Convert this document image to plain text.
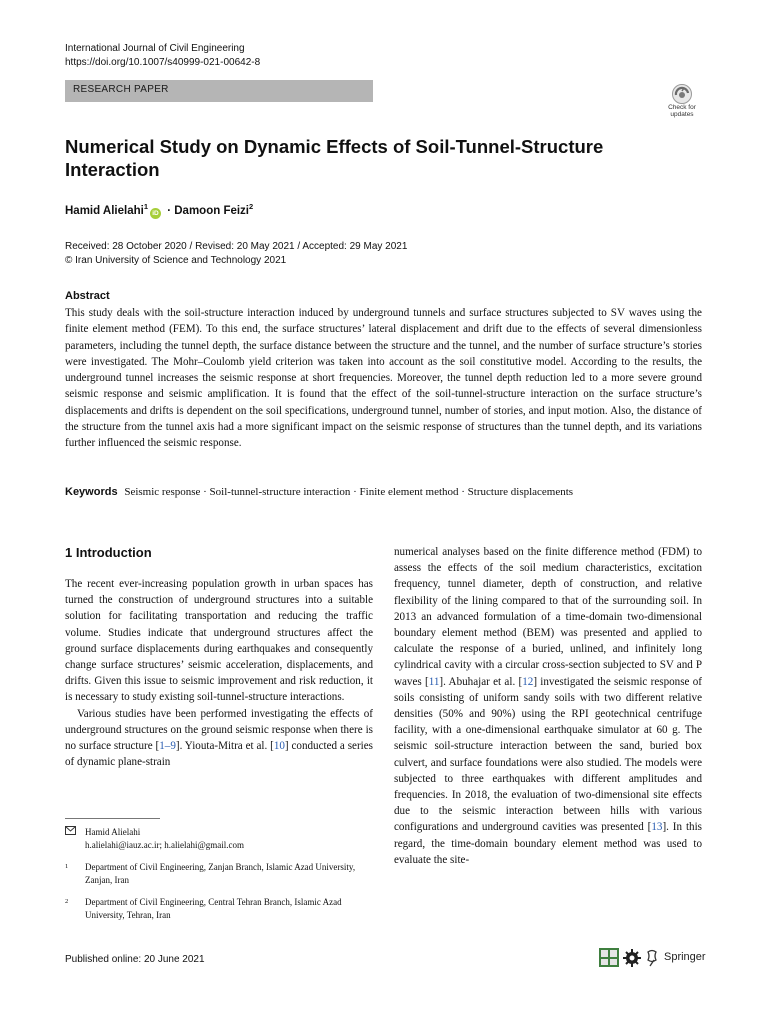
International Journal of Civil Engineering
https://doi.org/10.1007/s40999-021-00642-8
RESEARCH PAPER
Check for
updates
Numerical Study on Dynamic Effects of Soil-Tunnel-Structure Interaction
Hamid Alielahi$^1$iD · Damoon Feizi$^2$
Received: 28 October 2020 / Revised: 20 May 2021 / Accepted: 29 May 2021
© Iran University of Science and Technology 2021
Abstract
This study deals with the soil-structure interaction induced by underground tunnels and surface structures subjected to SV waves using the finite element method (FEM). To this end, the surface structures’ lateral displacement and drift due to the effects of several dimensionless parameters, including the tunnel depth, the surface distance between the structure and the tunnel, and the number of surface structure’s stories were investigated. The Mohr–Coulomb yield criterion was taken into account as the soil constitutive model. According to the results, the underground tunnel increases the seismic response at short frequencies. Moreover, the tunnel depth reduction led to a more severe ground seismic response and seismic amplification. It is found that the effect of the soil-tunnel-structure interaction on the surface structure’s displacements and drifts is dependent on the soil specifications, underground tunnel, number of stories, and input motion. Also, the distance of the structure from the tunnel axis had a more significant impact on the seismic response of structures than the tunnel depth, and its variations further influenced the seismic response.
Keywords Seismic response · Soil-tunnel-structure interaction · Finite element method · Structure displacements
1 Introduction

The recent ever-increasing population growth in urban spaces has turned the construction of underground structures into a suitable solution for facilitating transportation and reducing the traffic volume. Studies indicate that underground structures affect the ground surface displacements during earthquakes and consequently change surface structures’ seismic acceleration, displacements, and drifts. Given this issue to seismic improvement and risk reduction, it is necessary to study existing soil-tunnel-structure interactions.

Various studies have been performed investigating the effects of underground structures on the ground seismic response when there is no surface structure [1–9]. Yiouta-Mitra et al. [10] conducted a series of dynamic plane-strain

numerical analyses based on the finite difference method (FDM) to assess the effects of the soil medium characteristics, excitation frequency, tunnel diameter, depth of construction, and relative flexibility of the lining compared to that of the surrounding soil. In 2013 an advanced formulation of a time-domain two-dimensional boundary element method (BEM) was presented and applied to calculate the response of a buried, unlined, and infinitely long cylindrical cavity with a circular cross-section subjected to SV and P waves [11]. Abuhajar et al. [12] investigated the seismic response of soils consisting of uniform sandy soils with two different relative densities (50% and 90%) using the RPI geotechnical centrifuge facility, with a one-dimensional earthquake simulator at 60 g. The seismic soil-structure interaction between the sand, buried box culvert, and surface foundations were also studied. The models were subjected to three earthquakes with different amplitudes and frequencies. In 2018, the evaluation of two-dimensional site effects due to the seismic interaction between hills with various configurations and underground cavities was presented [13]. In this regard, the time-domain boundary element method was used to evaluate the site-

Hamid Alielahi
h.alielahi@iauz.ac.ir; h.alielahi@gmail.com
1	Department of Civil Engineering, Zanjan Branch, Islamic Azad University, Zanjan, Iran
2	Department of Civil Engineering, Central Tehran Branch, Islamic Azad University, Tehran, Iran
Published online: 20 June 2021	Springer
